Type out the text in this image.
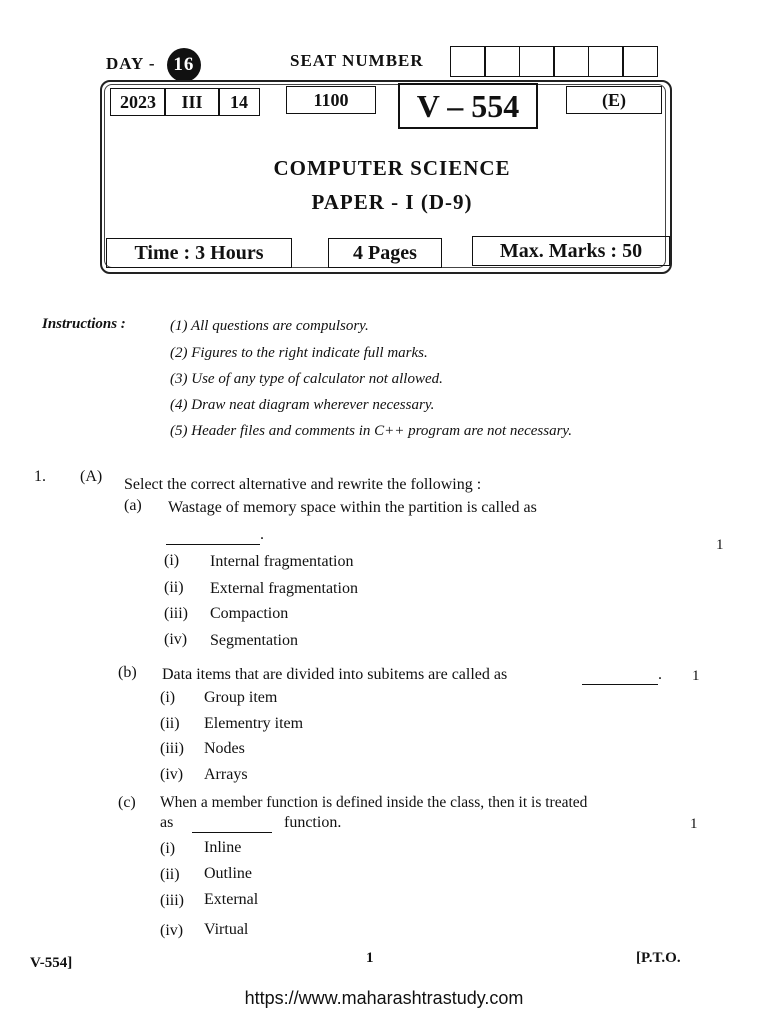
DAY - 16	SEAT NUMBER
2023	III	14	1100	V – 554	(E)
COMPUTER SCIENCE
PAPER - I (D-9)
Time : 3 Hours	4 Pages	Max. Marks : 50
Instructions :	(1) All questions are compulsory.
(2) Figures to the right indicate full marks.
(3) Use of any type of calculator not allowed.
(4) Draw neat diagram wherever necessary.
(5) Header files and comments in C++ program are not necessary.
1. (A) Select the correct alternative and rewrite the following :
(a) Wastage of memory space within the partition is called as
.
1
(i) Internal fragmentation
(ii) External fragmentation
(iii) Compaction
(iv) Segmentation
(b) Data items that are divided into subitems are called as	. 1
(i) Group item
(ii) Elementry item
(iii) Nodes
(iv) Arrays
(c) When a member function is defined inside the class, then it is treated
as
	function.	1
(i) Inline
(ii) Outline
(iii) External
(iv) Virtual
V-554]	1	[P.T.O.
https://www.maharashtrastudy.com
